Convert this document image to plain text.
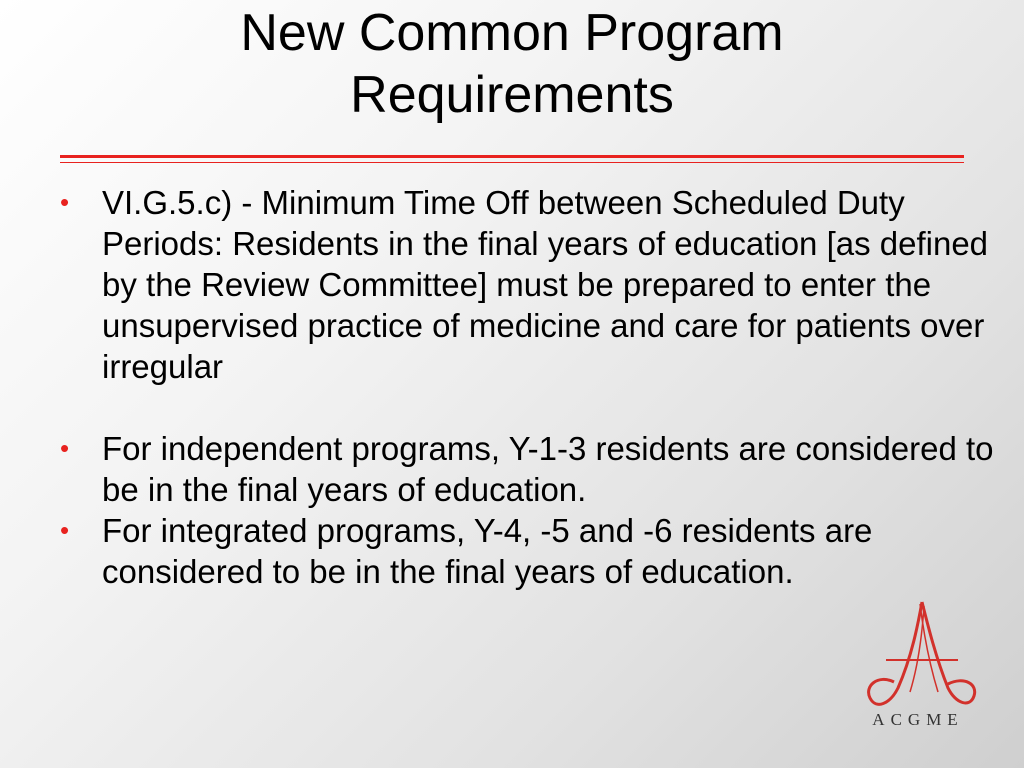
New Common Program
Requirements
• VI.G.5.c) - Minimum Time Off between Scheduled Duty Periods: Residents in the final years of education [as defined by the Review Committee] must be prepared to enter the unsupervised practice of medicine and care for patients over irregular
• For independent programs, Y-1-3 residents are considered to be in the final years of education.
• For integrated programs, Y-4, -5 and -6 residents are considered to be in the final years of education.
ACGME
